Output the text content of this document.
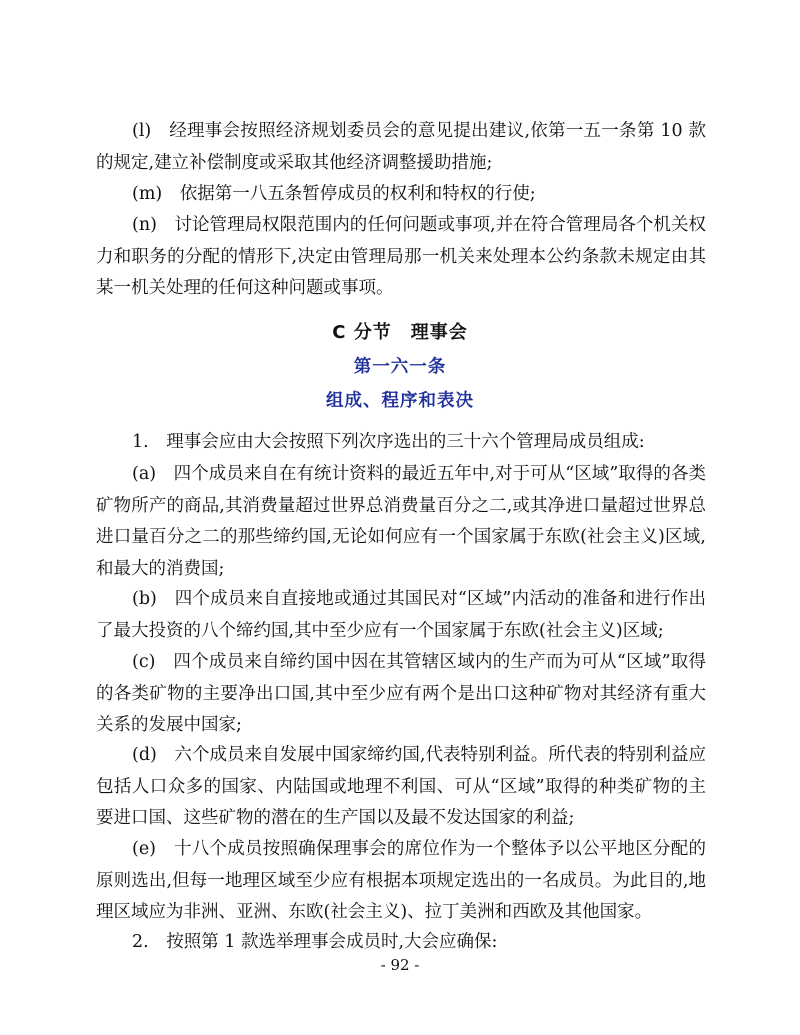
(l)　经理事会按照经济规划委员会的意见提出建议,依第一五一条第 10 款的规定,建立补偿制度或采取其他经济调整援助措施;

(m)　依据第一八五条暂停成员的权利和特权的行使;

(n)　讨论管理局权限范围内的任何问题或事项,并在符合管理局各个机关权力和职务的分配的情形下,决定由管理局那一机关来处理本公约条款未规定由其某一机关处理的任何这种问题或事项。

C 分节　理事会

第一六一条

组成、程序和表决

1.　理事会应由大会按照下列次序选出的三十六个管理局成员组成:

(a)　四个成员来自在有统计资料的最近五年中,对于可从“区域”取得的各类矿物所产的商品,其消费量超过世界总消费量百分之二,或其净进口量超过世界总进口量百分之二的那些缔约国,无论如何应有一个国家属于东欧(社会主义)区域,和最大的消费国;

(b)　四个成员来自直接地或通过其国民对“区域”内活动的准备和进行作出了最大投资的八个缔约国,其中至少应有一个国家属于东欧(社会主义)区域;

(c)　四个成员来自缔约国中因在其管辖区域内的生产而为可从“区域”取得的各类矿物的主要净出口国,其中至少应有两个是出口这种矿物对其经济有重大关系的发展中国家;

(d)　六个成员来自发展中国家缔约国,代表特别利益。所代表的特别利益应包括人口众多的国家、内陆国或地理不利国、可从“区域”取得的种类矿物的主要进口国、这些矿物的潜在的生产国以及最不发达国家的利益;

(e)　十八个成员按照确保理事会的席位作为一个整体予以公平地区分配的原则选出,但每一地理区域至少应有根据本项规定选出的一名成员。为此目的,地理区域应为非洲、亚洲、东欧(社会主义)、拉丁美洲和西欧及其他国家。

2.　按照第 1 款选举理事会成员时,大会应确保:

- 92 -
